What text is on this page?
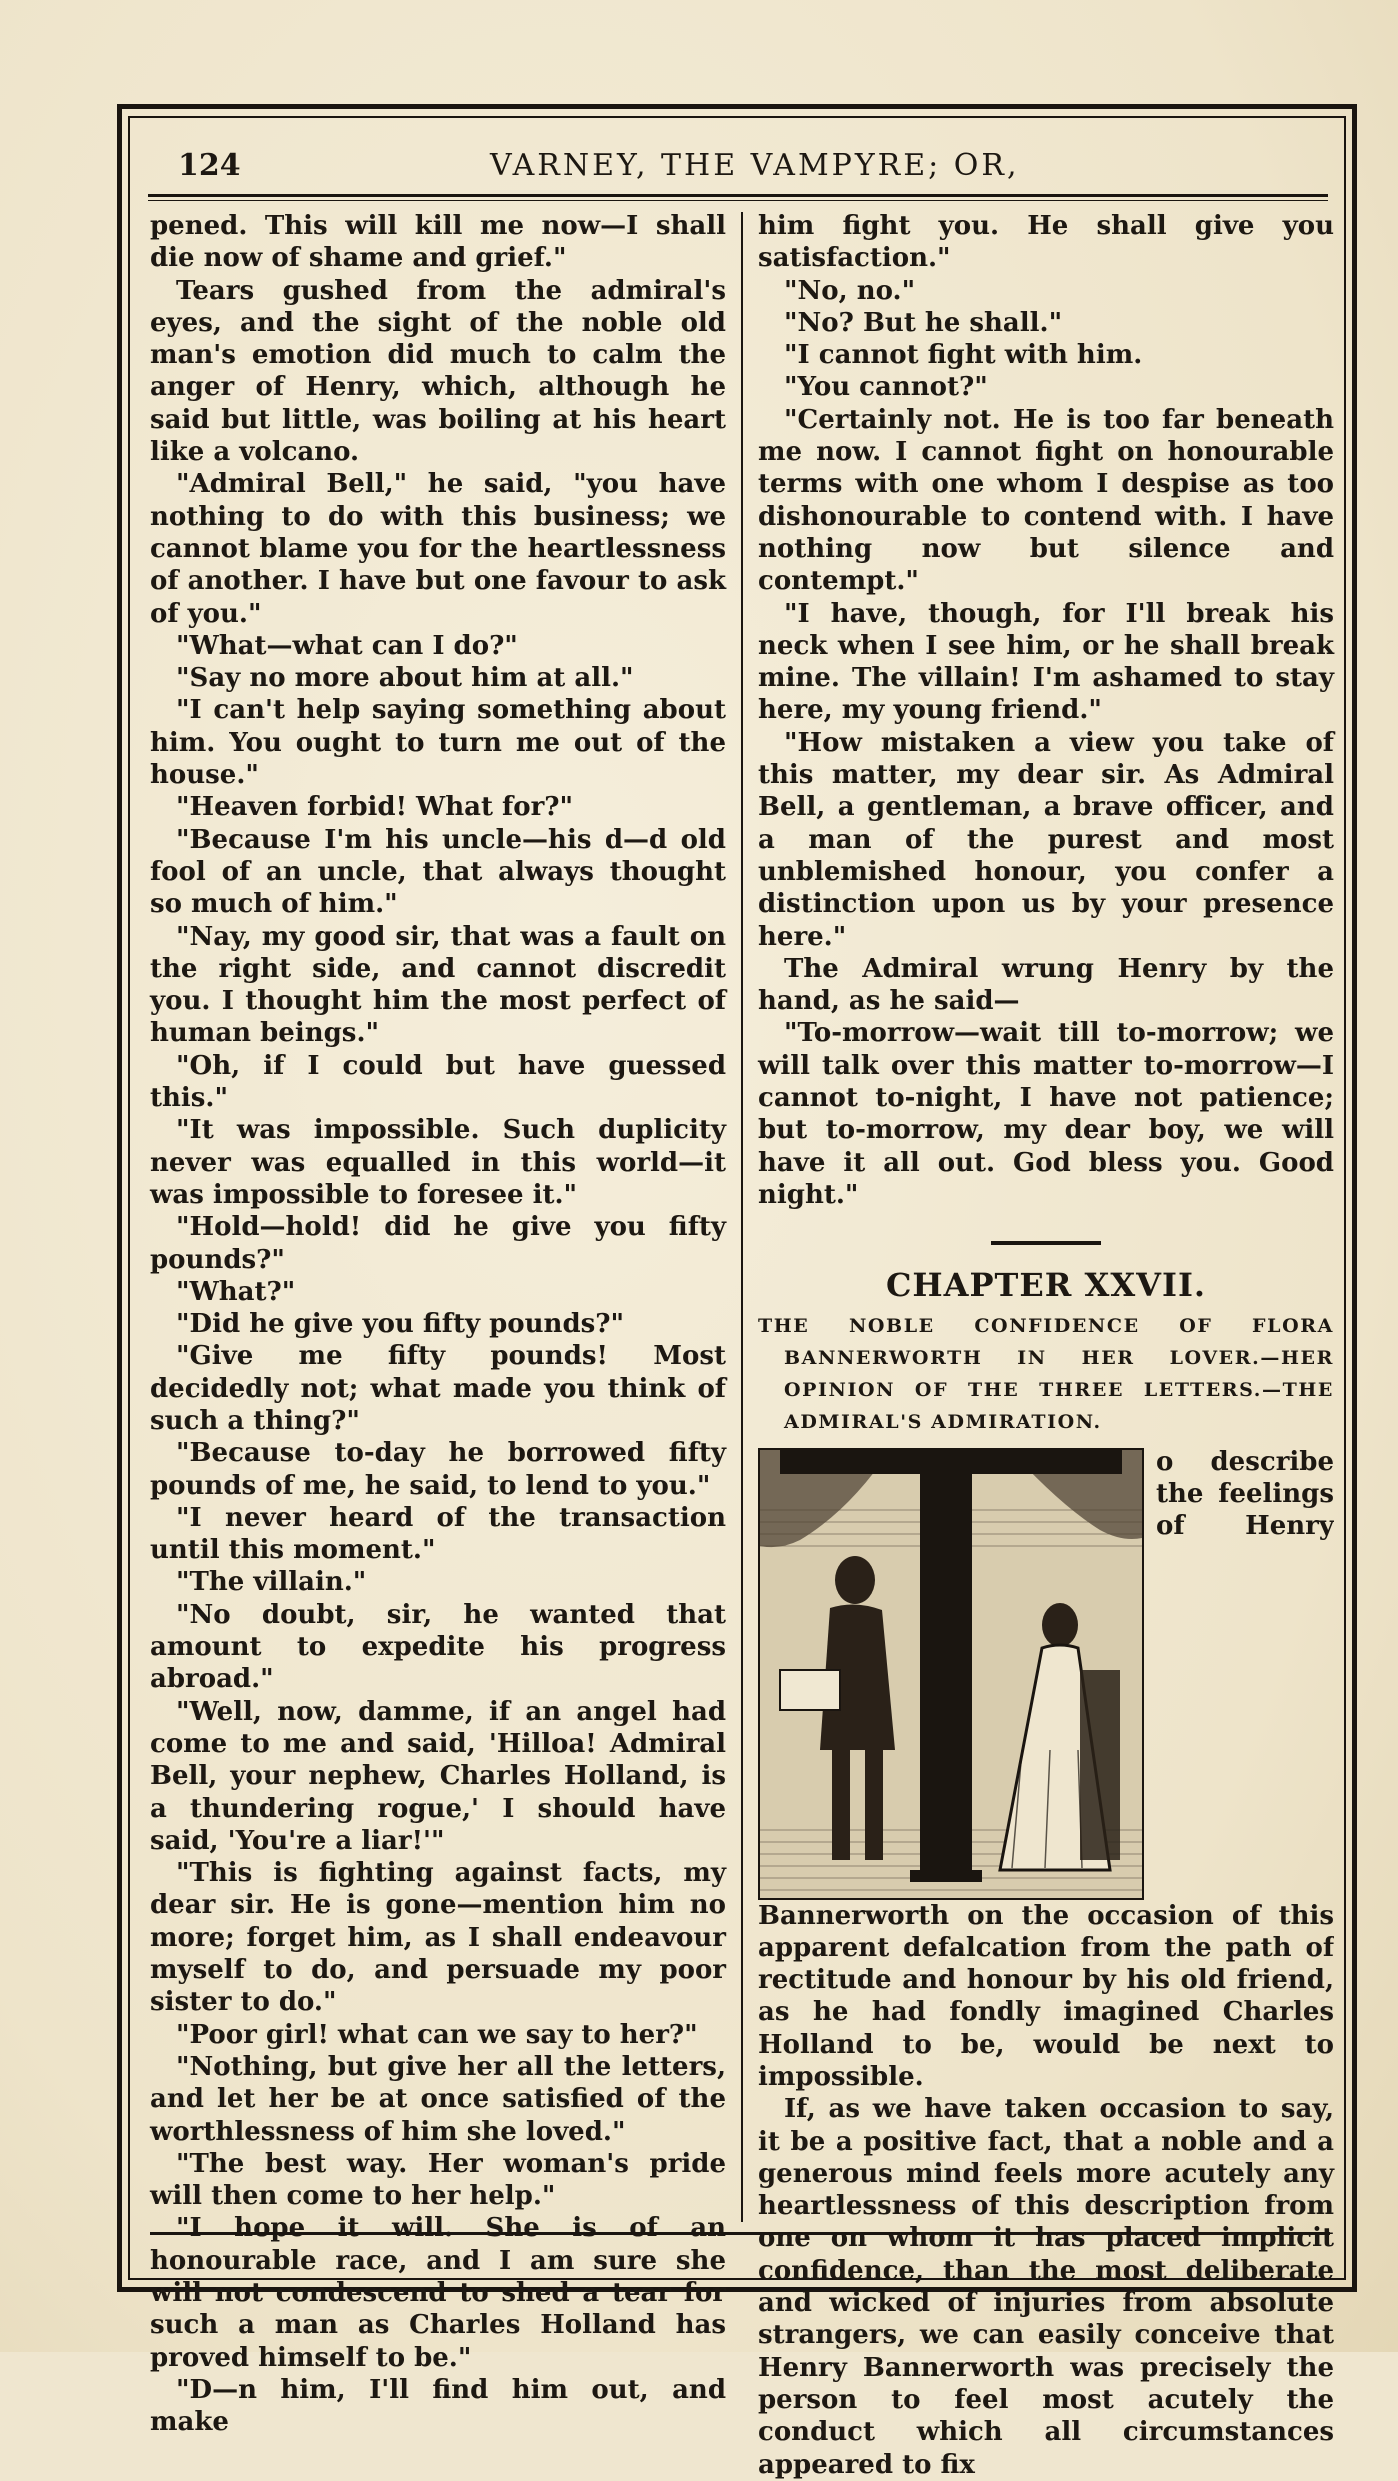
124	VARNEY, THE VAMPYRE; OR,

pened. This will kill me now—I shall die now of shame and grief."

Tears gushed from the admiral's eyes, and the sight of the noble old man's emotion did much to calm the anger of Henry, which, although he said but little, was boiling at his heart like a volcano.

"Admiral Bell," he said, "you have nothing to do with this business; we cannot blame you for the heartlessness of another. I have but one favour to ask of you."

"What—what can I do?"

"Say no more about him at all."

"I can't help saying something about him. You ought to turn me out of the house."

"Heaven forbid! What for?"

"Because I'm his uncle—his d—d old fool of an uncle, that always thought so much of him."

"Nay, my good sir, that was a fault on the right side, and cannot discredit you. I thought him the most perfect of human beings."

"Oh, if I could but have guessed this."

"It was impossible. Such duplicity never was equalled in this world—it was impossible to foresee it."

"Hold—hold! did he give you fifty pounds?"

"What?"

"Did he give you fifty pounds?"

"Give me fifty pounds! Most decidedly not; what made you think of such a thing?"

"Because to-day he borrowed fifty pounds of me, he said, to lend to you."

"I never heard of the transaction until this moment."

"The villain."

"No doubt, sir, he wanted that amount to expedite his progress abroad."

"Well, now, damme, if an angel had come to me and said, 'Hilloa! Admiral Bell, your nephew, Charles Holland, is a thundering rogue,' I should have said, 'You're a liar!'"

"This is fighting against facts, my dear sir. He is gone—mention him no more; forget him, as I shall endeavour myself to do, and persuade my poor sister to do."

"Poor girl! what can we say to her?"

"Nothing, but give her all the letters, and let her be at once satisfied of the worthlessness of him she loved."

"The best way. Her woman's pride will then come to her help."

"I hope it will. She is of an honourable race, and I am sure she will not condescend to shed a tear for such a man as Charles Holland has proved himself to be."

"D—n him, I'll find him out, and make

him fight you. He shall give you satisfaction."

"No, no."

"No? But he shall."

"I cannot fight with him.

"You cannot?"

"Certainly not. He is too far beneath me now. I cannot fight on honourable terms with one whom I despise as too dishonourable to contend with. I have nothing now but silence and contempt."

"I have, though, for I'll break his neck when I see him, or he shall break mine. The villain! I'm ashamed to stay here, my young friend."

"How mistaken a view you take of this matter, my dear sir. As Admiral Bell, a gentleman, a brave officer, and a man of the purest and most unblemished honour, you confer a distinction upon us by your presence here."

The Admiral wrung Henry by the hand, as he said—

"To-morrow—wait till to-morrow; we will talk over this matter to-morrow—I cannot to-night, I have not patience; but to-morrow, my dear boy, we will have it all out. God bless you. Good night."

CHAPTER XXVII.
THE NOBLE CONFIDENCE OF FLORA BANNERWORTH IN HER LOVER.—HER OPINION OF THE THREE LETTERS.—THE ADMIRAL'S ADMIRATION.

o describe the feelings of Henry Bannerworth on the occasion of this apparent defalcation from the path of rectitude and honour by his old friend, as he had fondly imagined Charles Holland to be, would be next to impossible.

If, as we have taken occasion to say, it be a positive fact, that a noble and a generous mind feels more acutely any heartlessness of this description from one on whom it has placed implicit confidence, than the most deliberate and wicked of injuries from absolute strangers, we can easily conceive that Henry Bannerworth was precisely the person to feel most acutely the conduct which all circumstances appeared to fix
